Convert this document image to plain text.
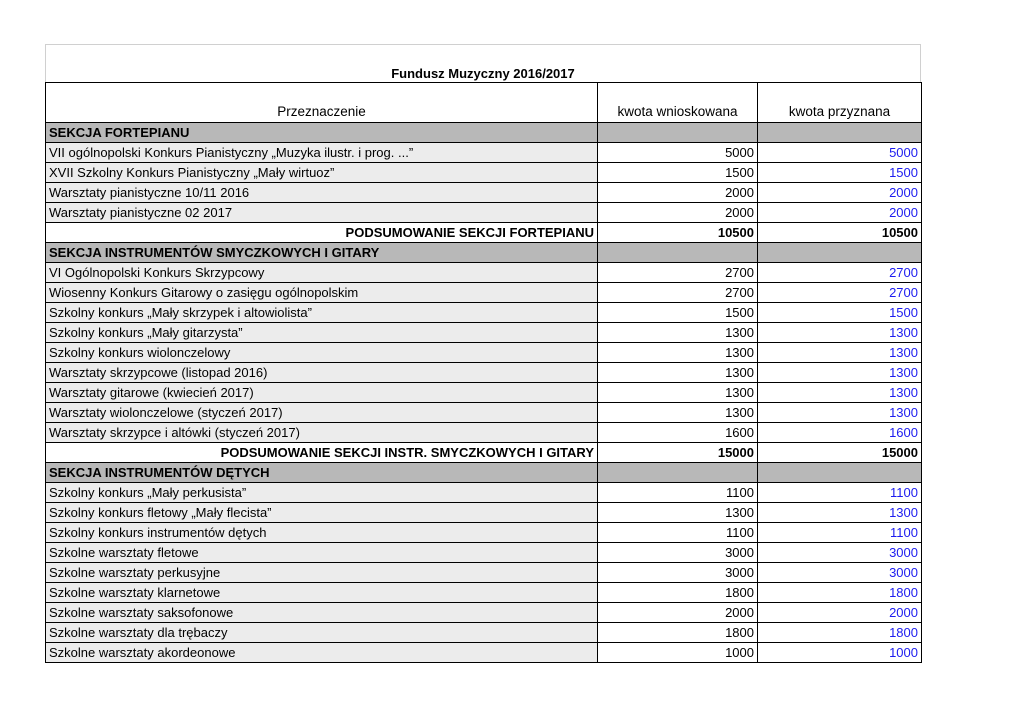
Fundusz Muzyczny 2016/2017
Przeznaczenie	kwota wnioskowana	kwota przyznana
SEKCJA FORTEPIANU		
VII ogólnopolski Konkurs Pianistyczny „Muzyka ilustr. i prog. ...”	5000	5000
XVII Szkolny Konkurs Pianistyczny „Mały wirtuoz”	1500	1500
Warsztaty pianistyczne 10/11 2016	2000	2000
Warsztaty pianistyczne 02 2017	2000	2000
PODSUMOWANIE SEKCJI FORTEPIANU	10500	10500
SEKCJA INSTRUMENTÓW SMYCZKOWYCH I GITARY		
VI Ogólnopolski Konkurs Skrzypcowy	2700	2700
Wiosenny Konkurs Gitarowy o zasięgu ogólnopolskim	2700	2700
Szkolny konkurs „Mały skrzypek i altowiolista”	1500	1500
Szkolny konkurs „Mały gitarzysta”	1300	1300
Szkolny konkurs wiolonczelowy	1300	1300
Warsztaty skrzypcowe (listopad 2016)	1300	1300
Warsztaty gitarowe (kwiecień 2017)	1300	1300
Warsztaty wiolonczelowe (styczeń 2017)	1300	1300
Warsztaty skrzypce i altówki (styczeń 2017)	1600	1600
PODSUMOWANIE SEKCJI INSTR. SMYCZKOWYCH I GITARY	15000	15000
SEKCJA INSTRUMENTÓW DĘTYCH		
Szkolny konkurs „Mały perkusista”	1100	1100
Szkolny konkurs fletowy „Mały flecista”	1300	1300
Szkolny konkurs instrumentów dętych	1100	1100
Szkolne warsztaty fletowe	3000	3000
Szkolne warsztaty perkusyjne	3000	3000
Szkolne warsztaty klarnetowe	1800	1800
Szkolne warsztaty saksofonowe	2000	2000
Szkolne warsztaty dla trębaczy	1800	1800
Szkolne warsztaty akordeonowe	1000	1000
